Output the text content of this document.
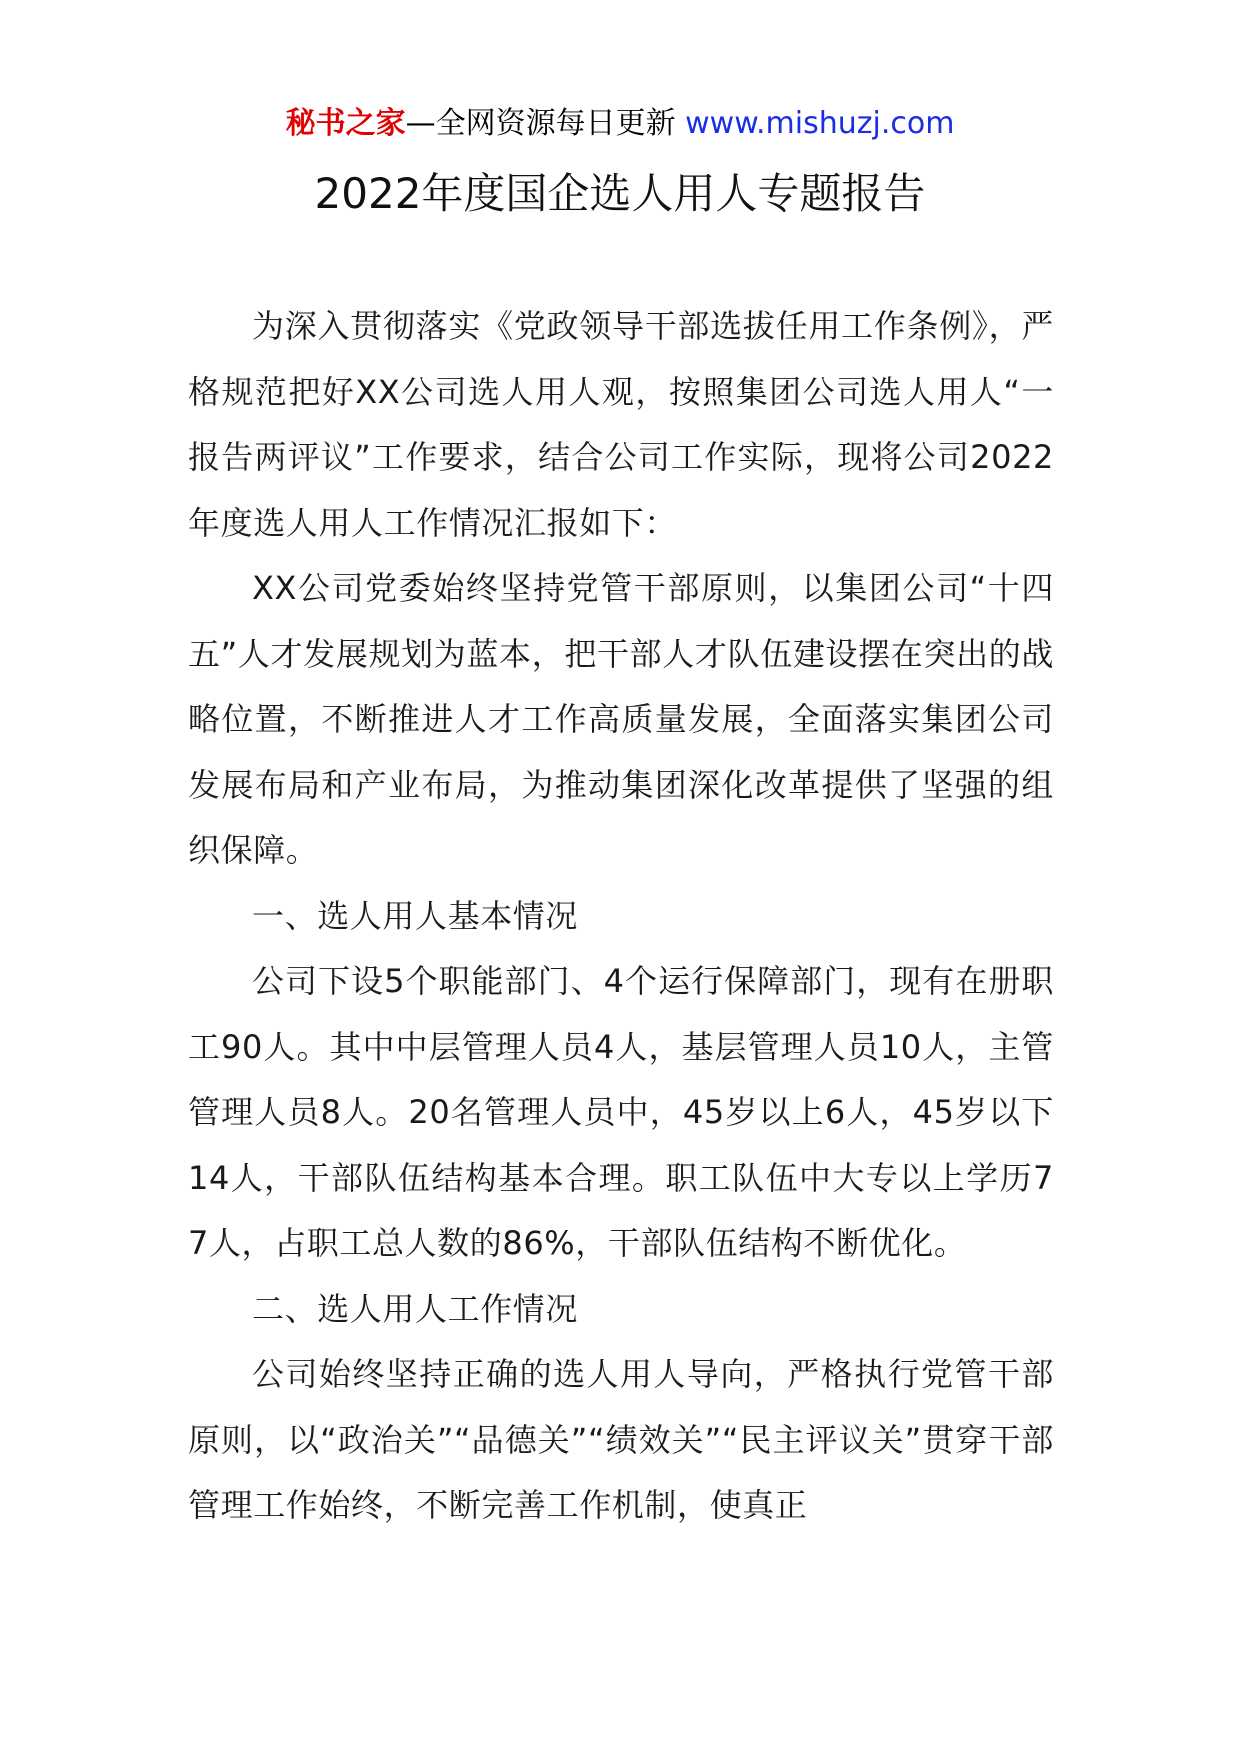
秘书之家—全网资源每日更新 www.mishuzj.com
2022年度国企选人用人专题报告

为深入贯彻落实《党政领导干部选拔任用工作条例》，严格规范把好XX公司选人用人观，按照集团公司选人用人“一报告两评议”工作要求，结合公司工作实际，现将公司2022年度选人用人工作情况汇报如下：

XX公司党委始终坚持党管干部原则，以集团公司“十四五”人才发展规划为蓝本，把干部人才队伍建设摆在突出的战略位置，不断推进人才工作高质量发展，全面落实集团公司发展布局和产业布局，为推动集团深化改革提供了坚强的组织保障。

一、选人用人基本情况

公司下设5个职能部门、4个运行保障部门，现有在册职工90人。其中中层管理人员4人，基层管理人员10人，主管管理人员8人。20名管理人员中，45岁以上6人，45岁以下14人，干部队伍结构基本合理。职工队伍中大专以上学历77人，占职工总人数的86%，干部队伍结构不断优化。

二、选人用人工作情况

公司始终坚持正确的选人用人导向，严格执行党管干部原则，以“政治关”“品德关”“绩效关”“民主评议关”贯穿干部管理工作始终，不断完善工作机制，使真正
